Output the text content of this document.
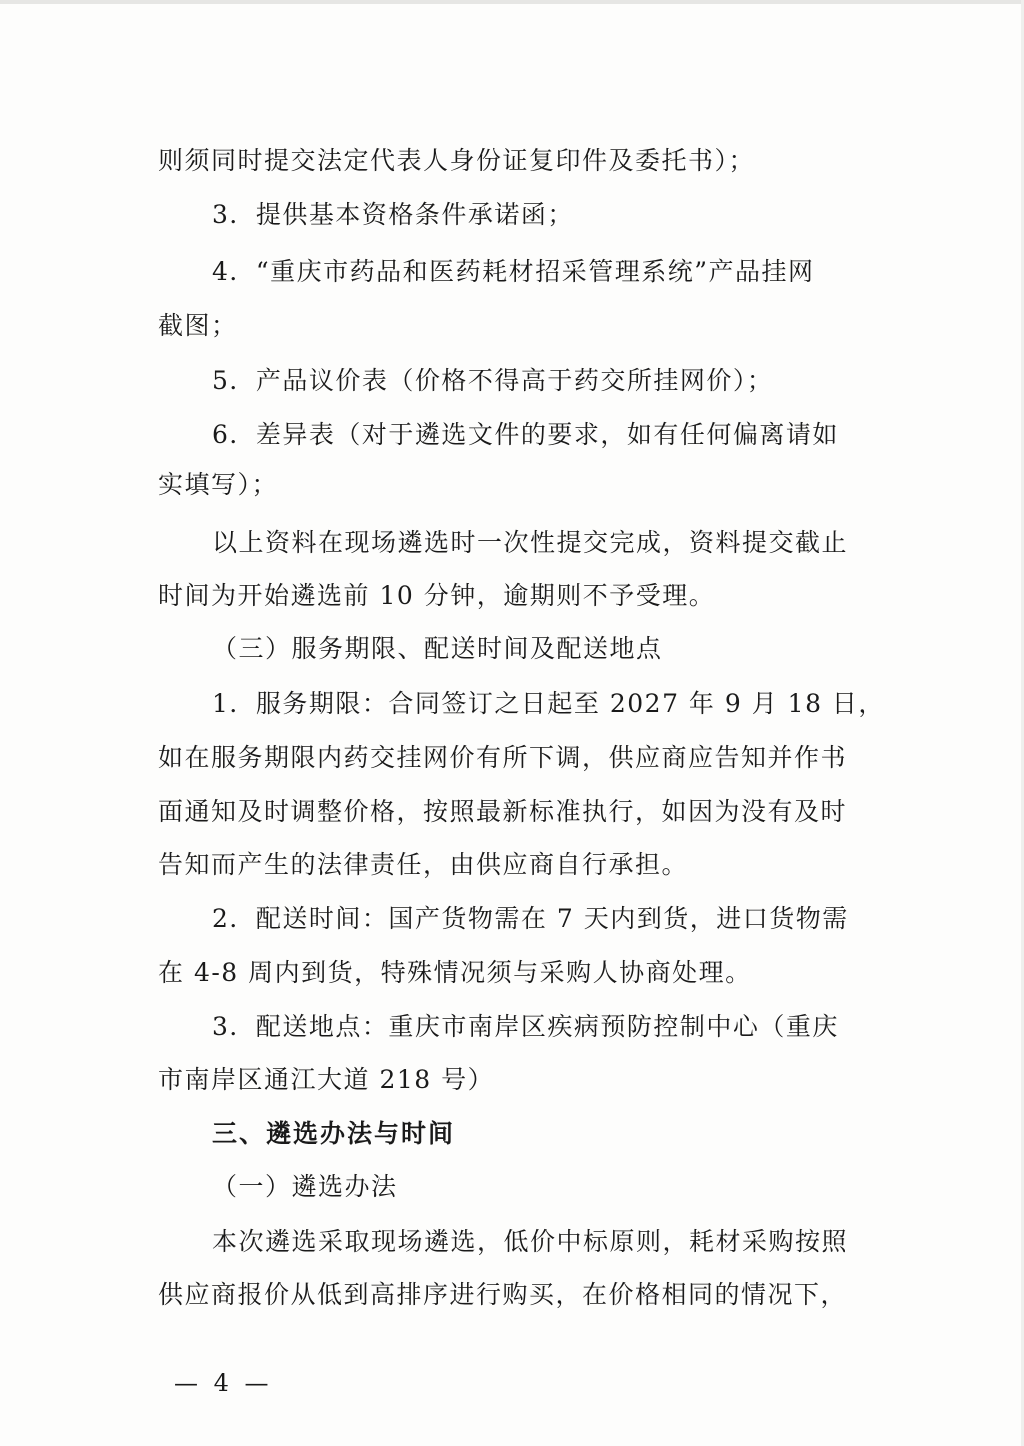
则须同时提交法定代表人身份证复印件及委托书）；
3．提供基本资格条件承诺函；
4．“重庆市药品和医药耗材招采管理系统”产品挂网
截图；
5．产品议价表（价格不得高于药交所挂网价）；
6．差异表（对于遴选文件的要求，如有任何偏离请如
实填写）；
以上资料在现场遴选时一次性提交完成，资料提交截止
时间为开始遴选前 10 分钟，逾期则不予受理。
（三）服务期限、配送时间及配送地点
1．服务期限：合同签订之日起至 2027 年 9 月 18 日，
如在服务期限内药交挂网价有所下调，供应商应告知并作书
面通知及时调整价格，按照最新标准执行，如因为没有及时
告知而产生的法律责任，由供应商自行承担。
2．配送时间：国产货物需在 7 天内到货，进口货物需
在 4-8 周内到货，特殊情况须与采购人协商处理。
3．配送地点：重庆市南岸区疾病预防控制中心（重庆
市南岸区通江大道 218 号）
三、遴选办法与时间
（一）遴选办法
本次遴选采取现场遴选，低价中标原则，耗材采购按照
供应商报价从低到高排序进行购买，在价格相同的情况下，
— 4 —
